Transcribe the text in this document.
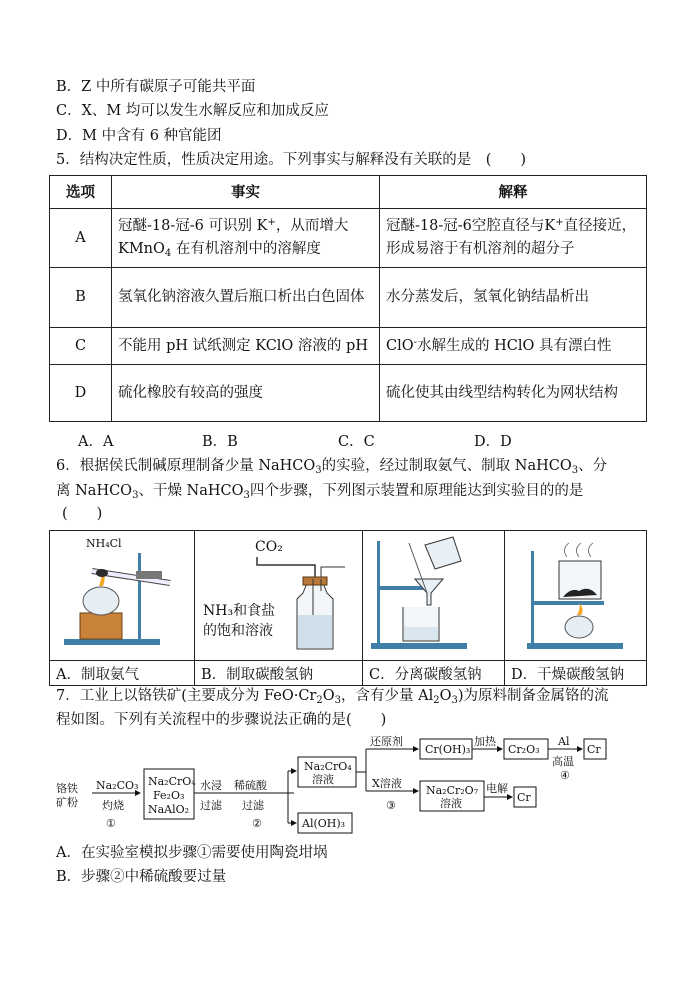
B．Z 中所有碳原子可能共平面
C．X、M 均可以发生水解反应和加成反应
D．M 中含有 6 种官能团
5．结构决定性质，性质决定用途。下列事实与解释没有关联的是　(　　)
选项	事实	解释
A	冠醚-18-冠-6 可识别 K+，从而增大 KMnO$_4$ 在有机溶剂中的溶解度	冠醚-18-冠-6空腔直径与K+直径接近，形成易溶于有机溶剂的超分子
B	氢氧化钠溶液久置后瓶口析出白色固体	水分蒸发后，氢氧化钠结晶析出
C	不能用 pH 试纸测定 KClO 溶液的 pH	ClO-水解生成的 HClO 具有漂白性
D	硫化橡胶有较高的强度	硫化使其由线型结构转化为网状结构
A．A	B．B	C．C	D．D
6．根据侯氏制碱原理制备少量 NaHCO$_3$的实验，经过制取氨气、制取 NaHCO$_3$、分
离 NaHCO$_3$、干燥 NaHCO$_3$四个步骤，下列图示装置和原理能达到实验目的的是
(　　)
NH₄Cl	CO₂
NH₃和食盐
的饱和溶液

A．制取氨气	B．制取碳酸氢钠	C．分离碳酸氢钠	D．干燥碳酸氢钠
7．工业上以铬铁矿(主要成分为 $FeO\cdot Cr_2O_3$，含有少量 $Al_2O_3$)为原料制备金属铬的流
程如图。下列有关流程中的步骤说法正确的是(　　)
铬铁
矿粉
Na₂CO₃
灼烧
①
Na₂CrO₄
Fe₂O₃
NaAlO₂
水浸
过滤
稀硫酸
过滤
②
Na₂CrO₄
溶液
Al(OH)₃
还原剂
X溶液
③
Cr(OH)₃
加热
Cr₂O₃
Al
高温
④
Cr
Na₂Cr₂O₇
溶液
电解
Cr
A．在实验室模拟步骤①需要使用陶瓷坩埚
B．步骤②中稀硫酸要过量
